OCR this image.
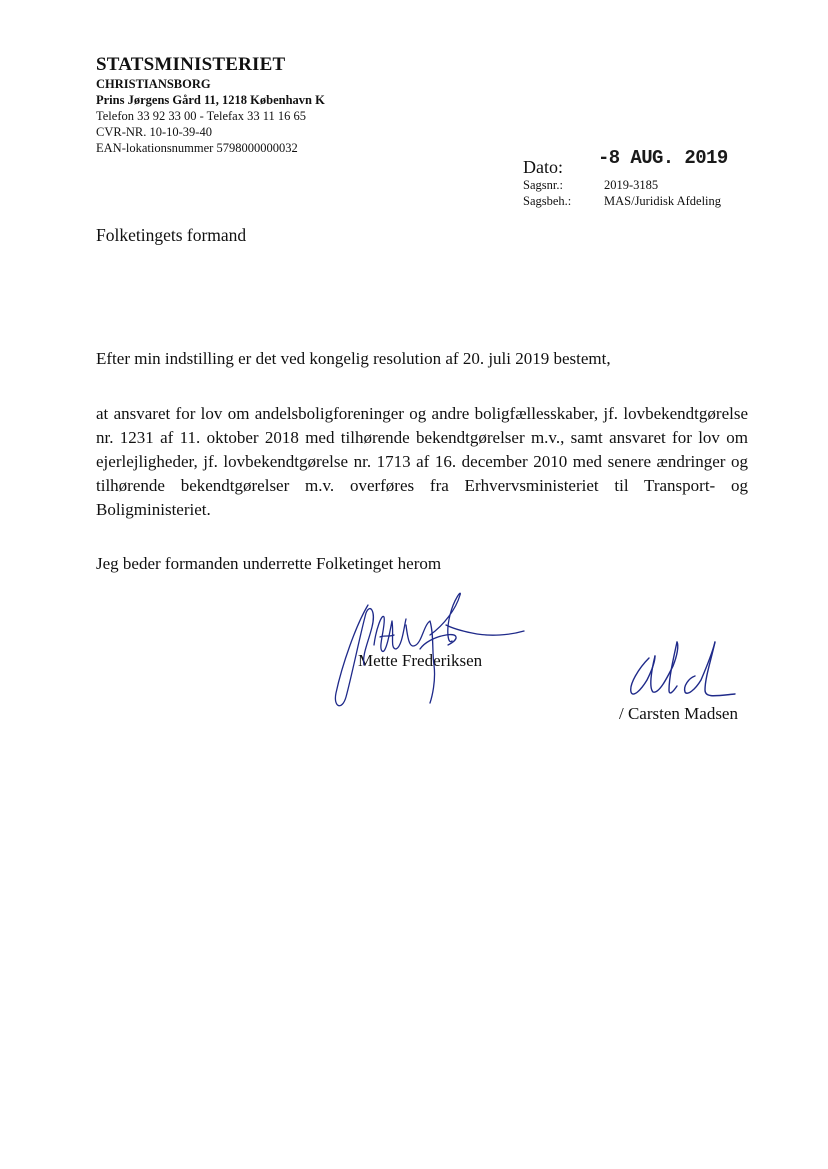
STATSMINISTERIET
CHRISTIANSBORG
Prins Jørgens Gård 11, 1218 København K
Telefon 33 92 33 00 - Telefax 33 11 16 65
CVR-NR. 10-10-39-40
EAN-lokationsnummer 5798000000032
Dato: -8 AUG. 2019
Sagsnr.:	2019-3185
Sagsbeh.:	MAS/Juridisk Afdeling
Folketingets formand

Efter min indstilling er det ved kongelig resolution af 20. juli 2019 bestemt,

at ansvaret for lov om andelsboligforeninger og andre boligfællesskaber, jf. lovbekendtgørelse nr. 1231 af 11. oktober 2018 med tilhørende bekendtgørelser m.v., samt ansvaret for lov om ejerlejligheder, jf. lovbekendtgørelse nr. 1713 af 16. december 2010 med senere ændringer og tilhørende bekendtgørelser m.v. overføres fra Erhvervsministeriet til Transport- og Boligministeriet.

Jeg beder formanden underrette Folketinget herom

Mette Frederiksen
/ Carsten Madsen
